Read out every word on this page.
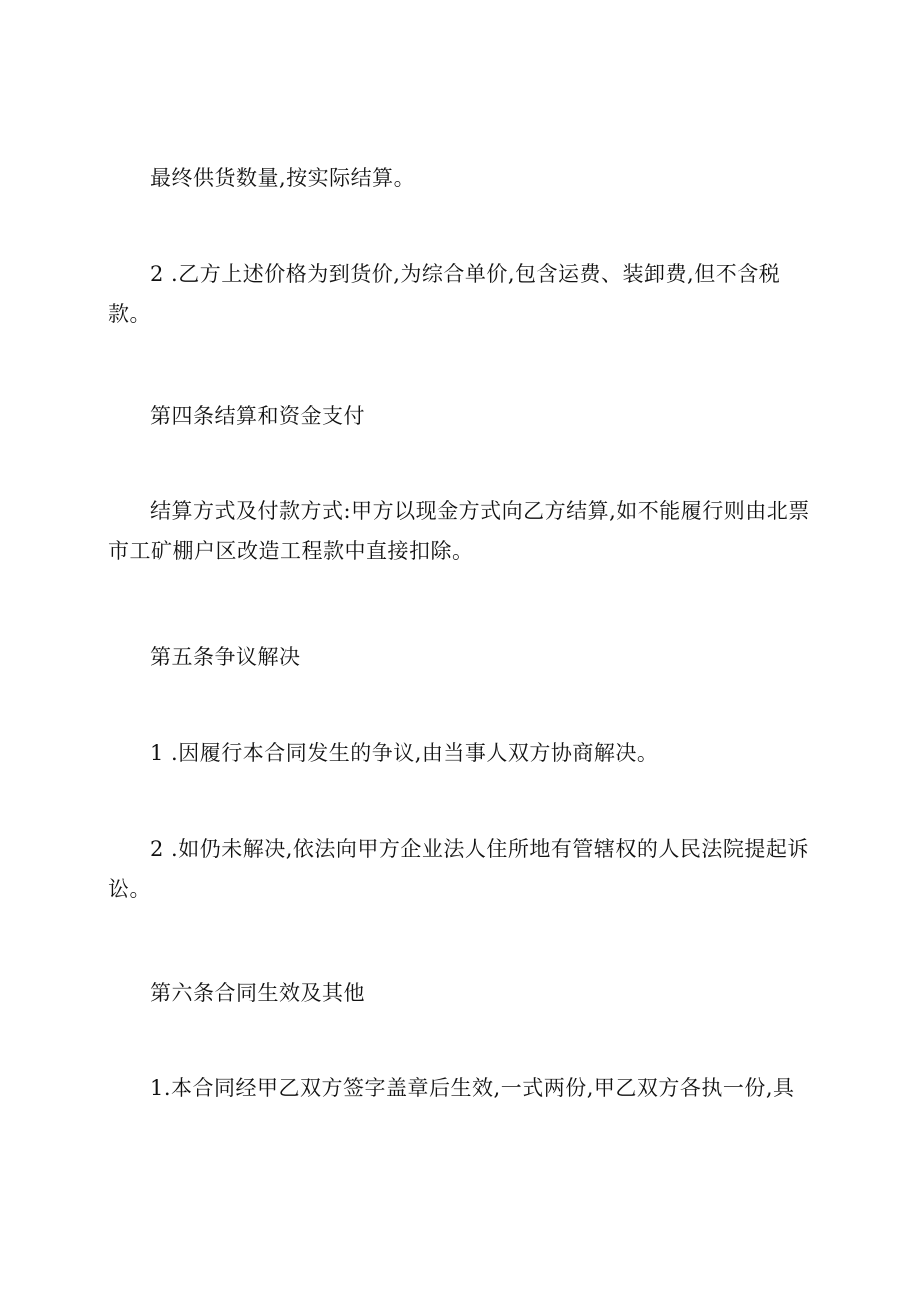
最终供货数量,按实际结算。

2 .乙方上述价格为到货价,为综合单价,包含运费、装卸费,但不含税款。

第四条结算和资金支付

结算方式及付款方式:甲方以现金方式向乙方结算,如不能履行则由北票市工矿棚户区改造工程款中直接扣除。

第五条争议解决

1 .因履行本合同发生的争议,由当事人双方协商解决。

2 .如仍未解决,依法向甲方企业法人住所地有管辖权的人民法院提起诉讼。

第六条合同生效及其他

1.本合同经甲乙双方签字盖章后生效,一式两份,甲乙双方各执一份,具
